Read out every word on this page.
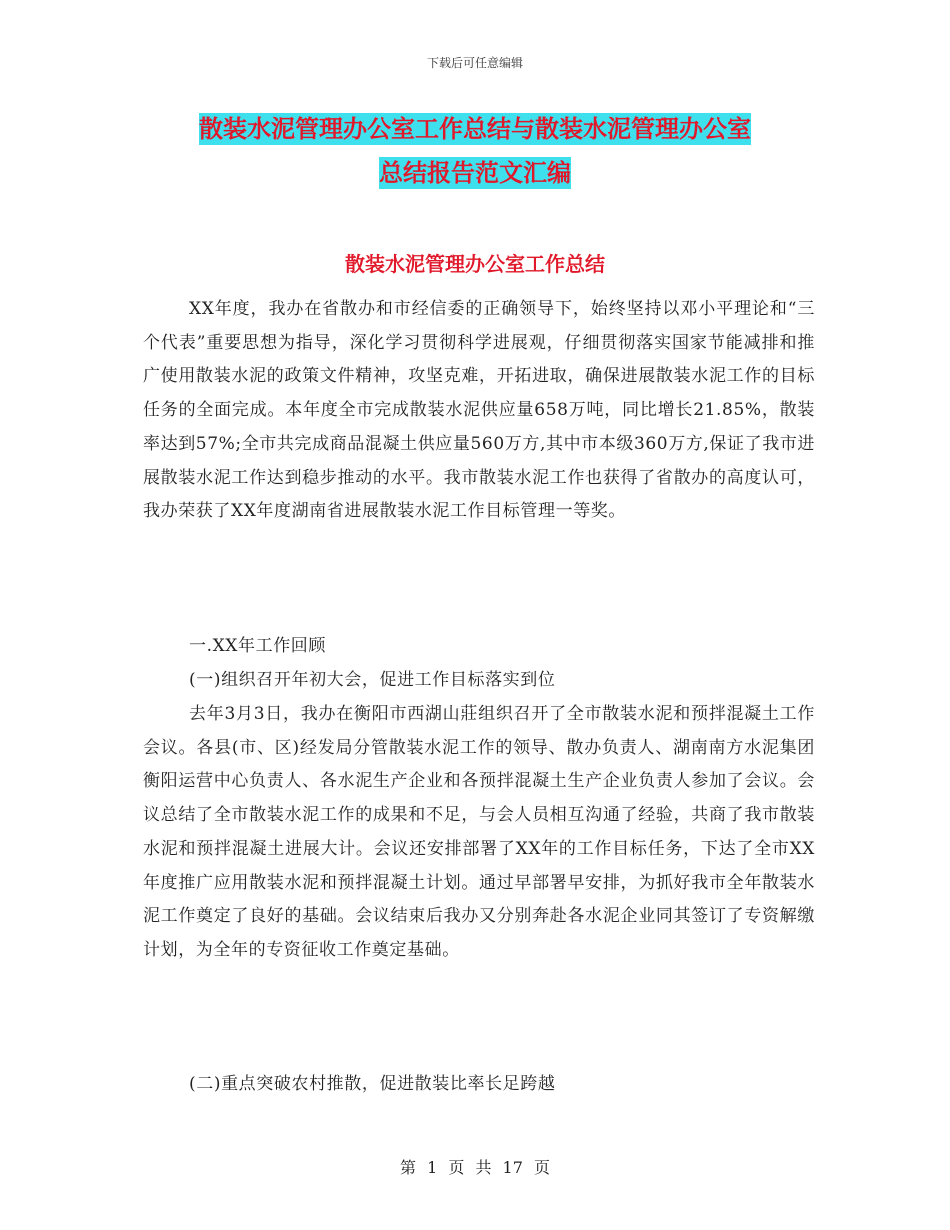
下载后可任意编辑
散装水泥管理办公室工作总结与散装水泥管理办公室
总结报告范文汇编
散装水泥管理办公室工作总结

XX年度，我办在省散办和市经信委的正确领导下，始终坚持以邓小平理论和“三个代表”重要思想为指导，深化学习贯彻科学进展观，仔细贯彻落实国家节能减排和推广使用散装水泥的政策文件精神，攻坚克难，开拓进取，确保进展散装水泥工作的目标任务的全面完成。本年度全市完成散装水泥供应量658万吨，同比增长21.85%，散装率达到57%;全市共完成商品混凝土供应量560万方,其中市本级360万方,保证了我市进展散装水泥工作达到稳步推动的水平。我市散装水泥工作也获得了省散办的高度认可，我办荣获了XX年度湖南省进展散装水泥工作目标管理一等奖。

一.XX年工作回顾

(一)组织召开年初大会，促进工作目标落实到位

去年3月3日，我办在衡阳市西湖山莊组织召开了全市散装水泥和预拌混凝土工作会议。各县(市、区)经发局分管散装水泥工作的领导、散办负责人、湖南南方水泥集团衡阳运营中心负责人、各水泥生产企业和各预拌混凝土生产企业负责人参加了会议。会议总结了全市散装水泥工作的成果和不足，与会人员相互沟通了经验，共商了我市散装水泥和预拌混凝土进展大计。会议还安排部署了XX年的工作目标任务，下达了全市XX年度推广应用散装水泥和预拌混凝土计划。通过早部署早安排，为抓好我市全年散装水泥工作奠定了良好的基础。会议结束后我办又分别奔赴各水泥企业同其签订了专资解缴计划，为全年的专资征收工作奠定基础。

(二)重点突破农村推散，促进散装比率长足跨越

第 1 页 共 17 页
